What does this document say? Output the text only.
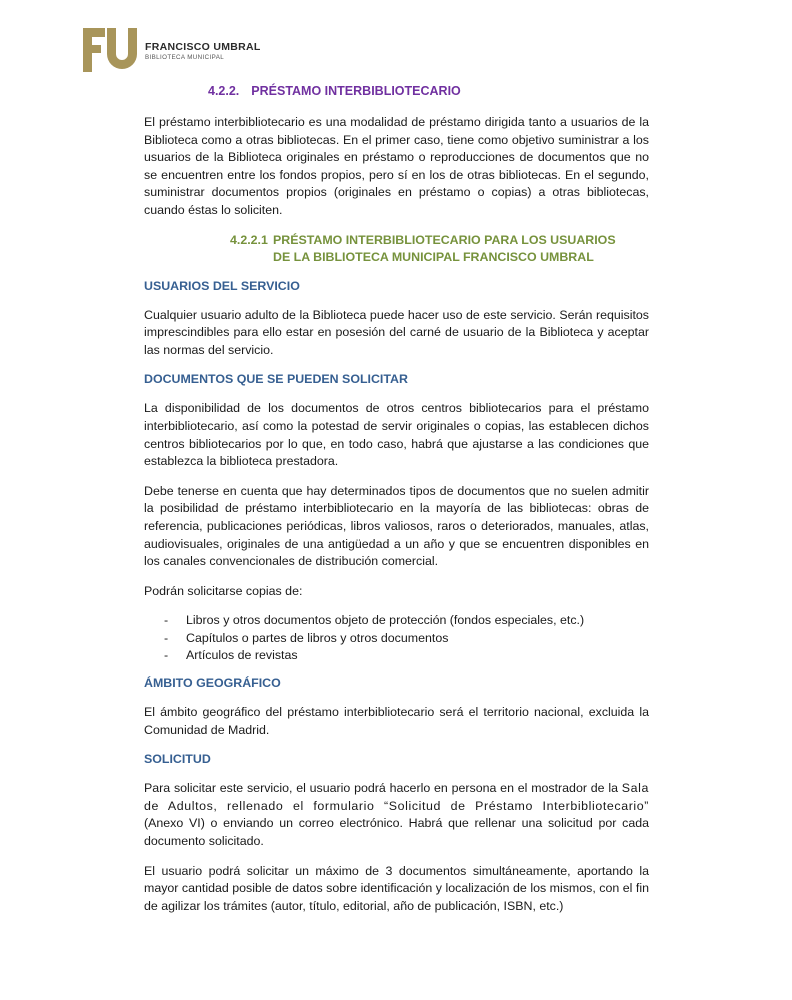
FRANCISCO UMBRAL
BIBLIOTECA MUNICIPAL
4.2.2. PRÉSTAMO INTERBIBLIOTECARIO

El préstamo interbibliotecario es una modalidad de préstamo dirigida tanto a usuarios de la Biblioteca como a otras bibliotecas. En el primer caso, tiene como objetivo suministrar a los usuarios de la Biblioteca originales en préstamo o reproducciones de documentos que no se encuentren entre los fondos propios, pero sí en los de otras bibliotecas. En el segundo, suministrar documentos propios (originales en préstamo o copias) a otras bibliotecas, cuando éstas lo soliciten.

4.2.2.1 PRÉSTAMO INTERBIBLIOTECARIO PARA LOS USUARIOS
DE LA BIBLIOTECA MUNICIPAL FRANCISCO UMBRAL
USUARIOS DEL SERVICIO

Cualquier usuario adulto de la Biblioteca puede hacer uso de este servicio. Serán requisitos imprescindibles para ello estar en posesión del carné de usuario de la Biblioteca y aceptar las normas del servicio.

DOCUMENTOS QUE SE PUEDEN SOLICITAR

La disponibilidad de los documentos de otros centros bibliotecarios para el préstamo interbibliotecario, así como la potestad de servir originales o copias, las establecen dichos centros bibliotecarios por lo que, en todo caso, habrá que ajustarse a las condiciones que establezca la biblioteca prestadora.

Debe tenerse en cuenta que hay determinados tipos de documentos que no suelen admitir la posibilidad de préstamo interbibliotecario en la mayoría de las bibliotecas: obras de referencia, publicaciones periódicas, libros valiosos, raros o deteriorados, manuales, atlas, audiovisuales, originales de una antigüedad a un año y que se encuentren disponibles en los canales convencionales de distribución comercial.

Podrán solicitarse copias de:

- Libros y otros documentos objeto de protección (fondos especiales, etc.)
- Capítulos o partes de libros y otros documentos
- Artículos de revistas
ÁMBITO GEOGRÁFICO

El ámbito geográfico del préstamo interbibliotecario será el territorio nacional, excluida la Comunidad de Madrid.

SOLICITUD

Para solicitar este servicio, el usuario podrá hacerlo en persona en el mostrador de la Sala de Adultos, rellenado el formulario “Solicitud de Préstamo Interbibliotecario” (Anexo VI) o enviando un correo electrónico. Habrá que rellenar una solicitud por cada documento solicitado.

El usuario podrá solicitar un máximo de 3 documentos simultáneamente, aportando la mayor cantidad posible de datos sobre identificación y localización de los mismos, con el fin de agilizar los trámites (autor, título, editorial, año de publicación, ISBN, etc.)
